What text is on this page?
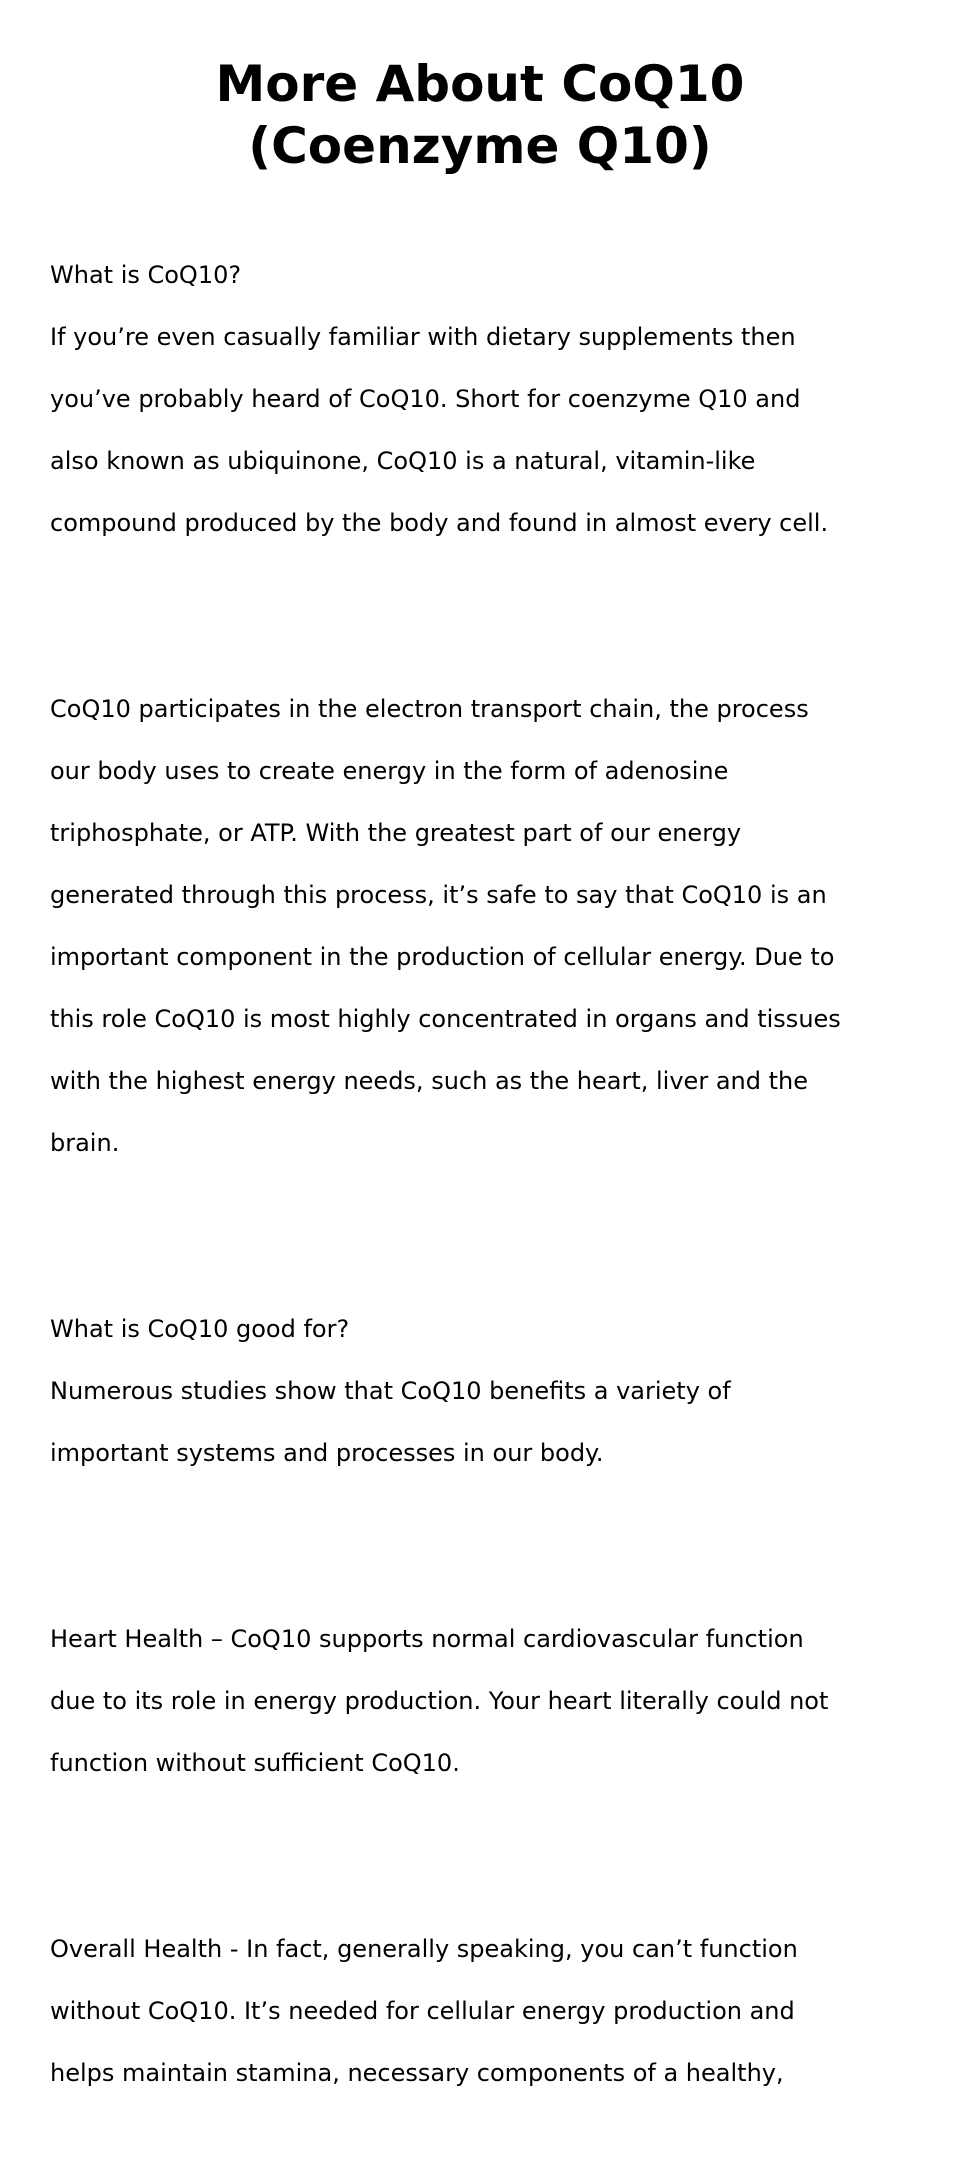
More About CoQ10
(Coenzyme Q10)

What is CoQ10?

If you’re even casually familiar with dietary supplements then

you’ve probably heard of CoQ10. Short for coenzyme Q10 and

also known as ubiquinone, CoQ10 is a natural, vitamin-like

compound produced by the body and found in almost every cell.

CoQ10 participates in the electron transport chain, the process

our body uses to create energy in the form of adenosine

triphosphate, or ATP. With the greatest part of our energy

generated through this process, it’s safe to say that CoQ10 is an

important component in the production of cellular energy. Due to

this role CoQ10 is most highly concentrated in organs and tissues

with the highest energy needs, such as the heart, liver and the

brain.

What is CoQ10 good for?

Numerous studies show that CoQ10 benefits a variety of

important systems and processes in our body.

Heart Health – CoQ10 supports normal cardiovascular function

due to its role in energy production. Your heart literally could not

function without sufficient CoQ10.

Overall Health - In fact, generally speaking, you can’t function

without CoQ10. It’s needed for cellular energy production and

helps maintain stamina, necessary components of a healthy,
